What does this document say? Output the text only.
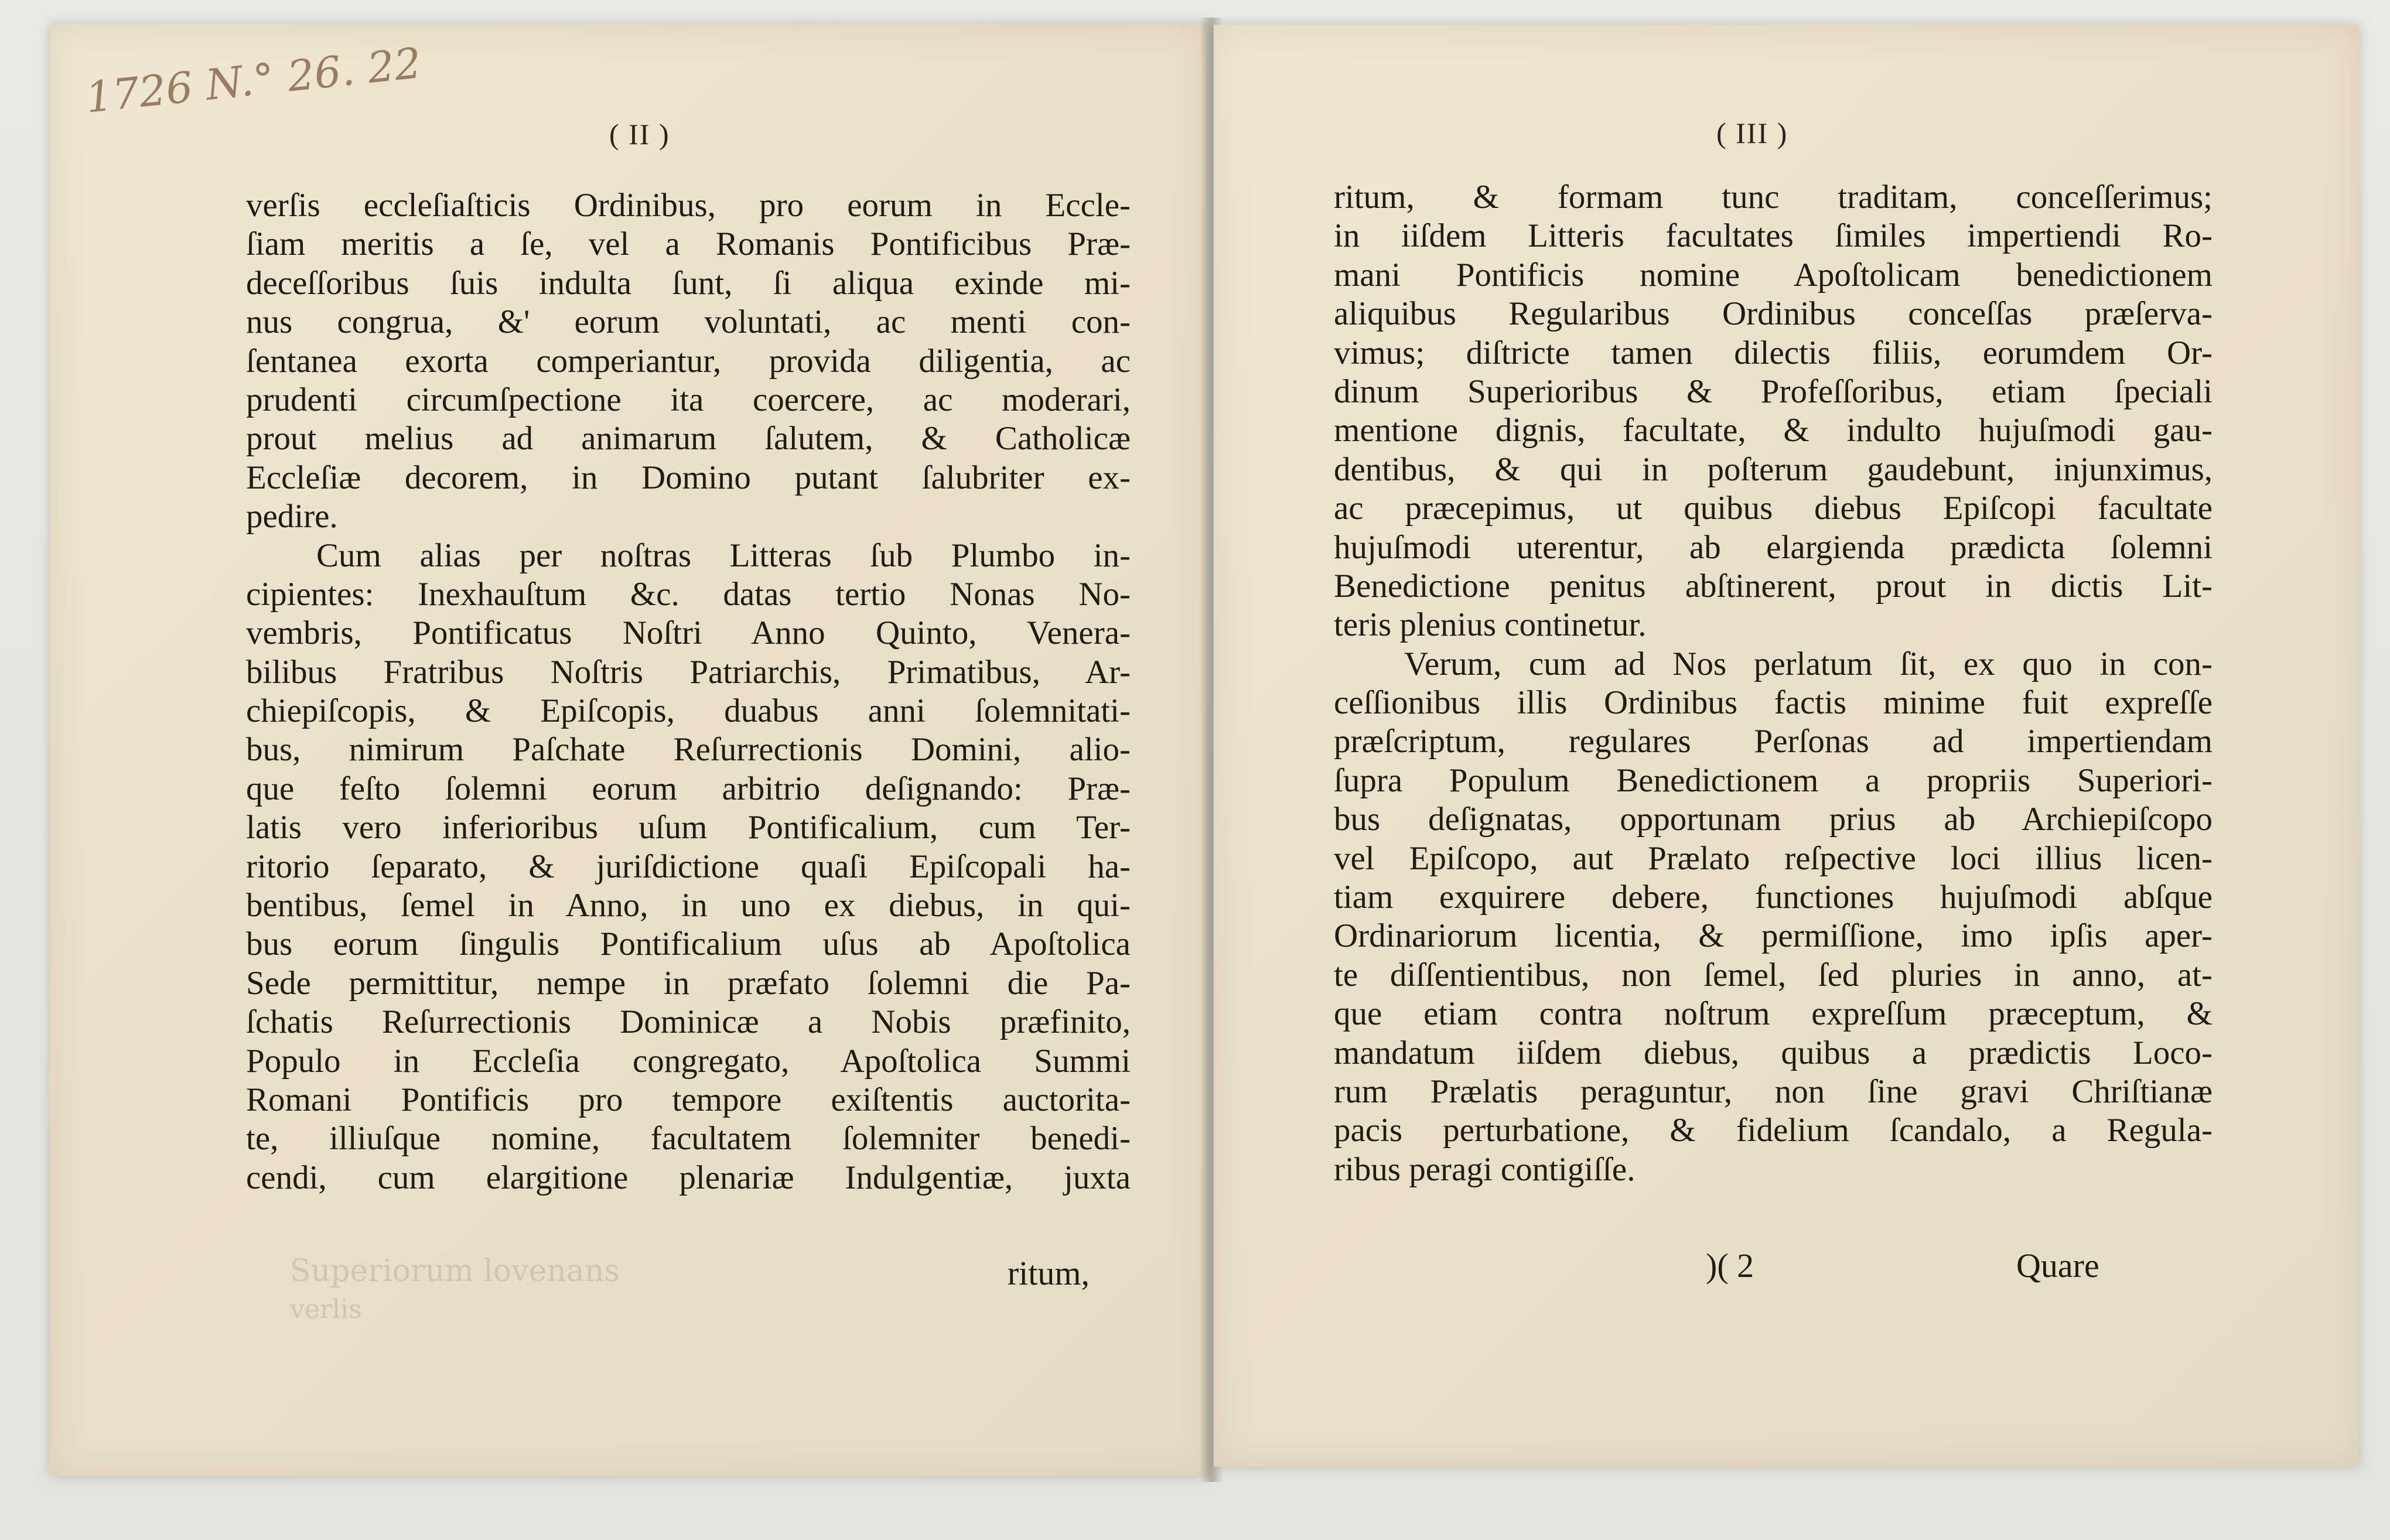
1726 N.° 26. 22
Superiorum lovenans
verlis
( II )
verſis eccleſiaſticis Ordinibus, pro eorum in Eccle-
ſiam meritis a ſe, vel a Romanis Pontificibus Præ-
deceſſoribus ſuis indulta ſunt, ſi aliqua exinde mi-
nus congrua, &' eorum voluntati, ac menti con-
ſentanea exorta comperiantur, provida diligentia, ac
prudenti circumſpectione ita coercere, ac moderari,
prout melius ad animarum ſalutem, & Catholicæ
Eccleſiæ decorem, in Domino putant ſalubriter ex-
pedire.
Cum alias per noſtras Litteras ſub Plumbo in-
cipientes: Inexhauſtum &c. datas tertio Nonas No-
vembris, Pontificatus Noſtri Anno Quinto, Venera-
bilibus Fratribus Noſtris Patriarchis, Primatibus, Ar-
chiepiſcopis, & Epiſcopis, duabus anni ſolemnitati-
bus, nimirum Paſchate Reſurrectionis Domini, alio-
que feſto ſolemni eorum arbitrio deſignando: Præ-
latis vero inferioribus uſum Pontificalium, cum Ter-
ritorio ſeparato, & juriſdictione quaſi Epiſcopali ha-
bentibus, ſemel in Anno, in uno ex diebus, in qui-
bus eorum ſingulis Pontificalium uſus ab Apoſtolica
Sede permittitur, nempe in præfato ſolemni die Pa-
ſchatis Reſurrectionis Dominicæ a Nobis præfinito,
Populo in Eccleſia congregato, Apoſtolica Summi
Romani Pontificis pro tempore exiſtentis auctorita-
te, illiuſque nomine, facultatem ſolemniter benedi-
cendi, cum elargitione plenariæ Indulgentiæ, juxta
ritum,
( III )
ritum, & formam tunc traditam, conceſſerimus;
in iiſdem Litteris facultates ſimiles impertiendi Ro-
mani Pontificis nomine Apoſtolicam benedictionem
aliquibus Regularibus Ordinibus conceſſas præſerva-
vimus; diſtricte tamen dilectis filiis, eorumdem Or-
dinum Superioribus & Profeſſoribus, etiam ſpeciali
mentione dignis, facultate, & indulto hujuſmodi gau-
dentibus, & qui in poſterum gaudebunt, injunximus,
ac præcepimus, ut quibus diebus Epiſcopi facultate
hujuſmodi uterentur, ab elargienda prædicta ſolemni
Benedictione penitus abſtinerent, prout in dictis Lit-
teris plenius continetur.
Verum, cum ad Nos perlatum ſit, ex quo in con-
ceſſionibus illis Ordinibus factis minime fuit expreſſe
præſcriptum, regulares Perſonas ad impertiendam
ſupra Populum Benedictionem a propriis Superiori-
bus deſignatas, opportunam prius ab Archiepiſcopo
vel Epiſcopo, aut Prælato reſpective loci illius licen-
tiam exquirere debere, functiones hujuſmodi abſque
Ordinariorum licentia, & permiſſione, imo ipſis aper-
te diſſentientibus, non ſemel, ſed pluries in anno, at-
que etiam contra noſtrum expreſſum præceptum, &
mandatum iiſdem diebus, quibus a prædictis Loco-
rum Prælatis peraguntur, non ſine gravi Chriſtianæ
pacis perturbatione, & fidelium ſcandalo, a Regula-
ribus peragi contigiſſe.
)( 2	Quare
